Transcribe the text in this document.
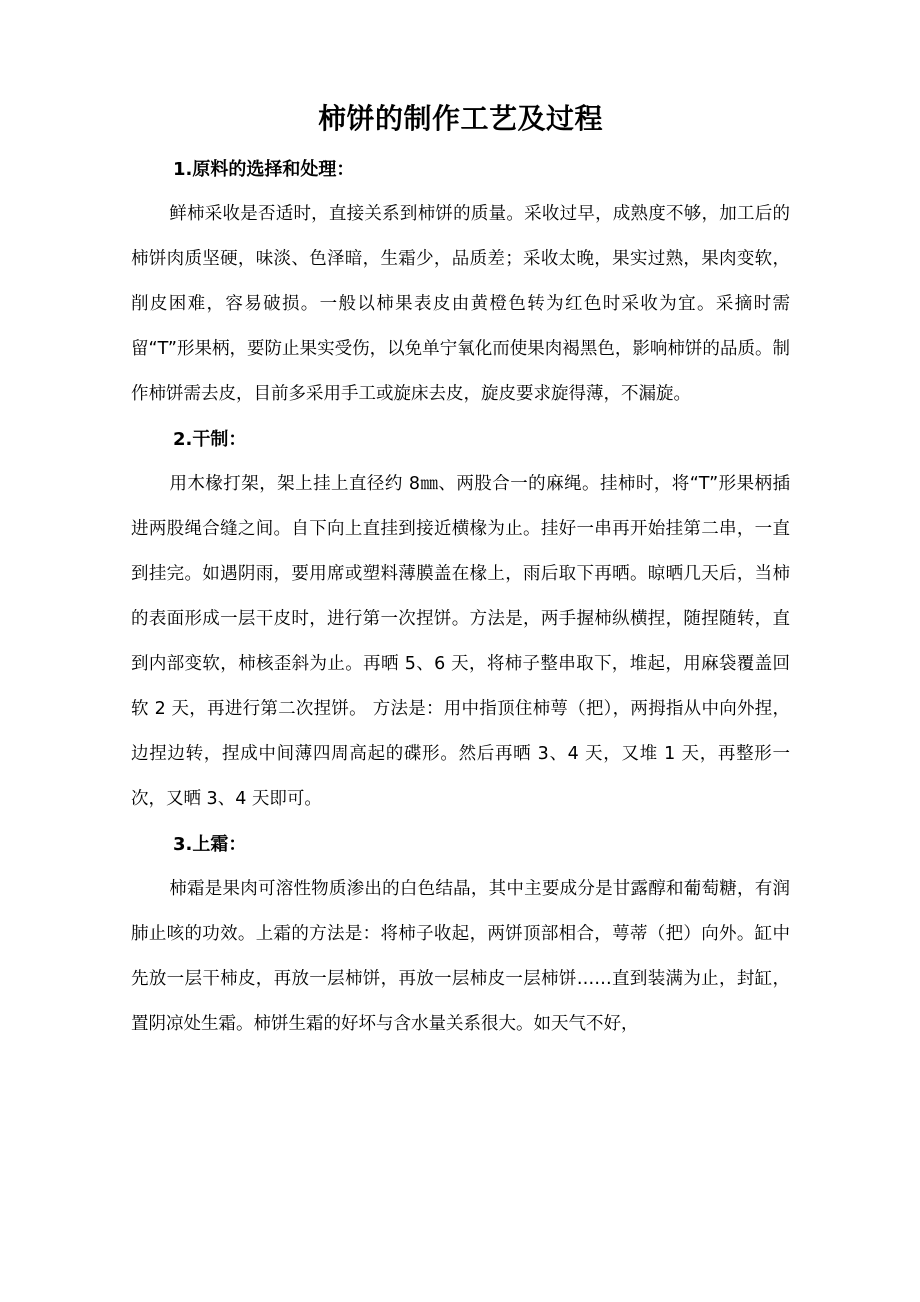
柿饼的制作工艺及过程
1.原料的选择和处理：

鲜柿采收是否适时，直接关系到柿饼的质量。采收过早，成熟度不够，加工后的柿饼肉质坚硬，味淡、色泽暗，生霜少，品质差；采收太晚，果实过熟，果肉变软，削皮困难，容易破损。一般以柿果表皮由黄橙色转为红色时采收为宜。采摘时需留“T”形果柄，要防止果实受伤，以免单宁氧化而使果肉褐黑色，影响柿饼的品质。制作柿饼需去皮，目前多采用手工或旋床去皮，旋皮要求旋得薄，不漏旋。

2.干制：

用木椽打架，架上挂上直径约 8㎜、两股合一的麻绳。挂柿时，将“T”形果柄插进两股绳合缝之间。自下向上直挂到接近横椽为止。挂好一串再开始挂第二串，一直到挂完。如遇阴雨，要用席或塑料薄膜盖在椽上，雨后取下再晒。晾晒几天后，当柿的表面形成一层干皮时，进行第一次捏饼。方法是，两手握柿纵横捏，随捏随转，直到内部变软，柿核歪斜为止。再晒 5、6 天，将柿子整串取下，堆起，用麻袋覆盖回软 2 天，再进行第二次捏饼。 方法是：用中指顶住柿萼（把），两拇指从中向外捏，边捏边转，捏成中间薄四周高起的碟形。然后再晒 3、4 天，又堆 1 天，再整形一次，又晒 3、4 天即可。

3.上霜：

柿霜是果肉可溶性物质渗出的白色结晶，其中主要成分是甘露醇和葡萄糖，有润肺止咳的功效。上霜的方法是：将柿子收起，两饼顶部相合，萼蒂（把）向外。缸中先放一层干柿皮，再放一层柿饼，再放一层柿皮一层柿饼……直到装满为止，封缸，置阴凉处生霜。柿饼生霜的好坏与含水量关系很大。如天气不好，
